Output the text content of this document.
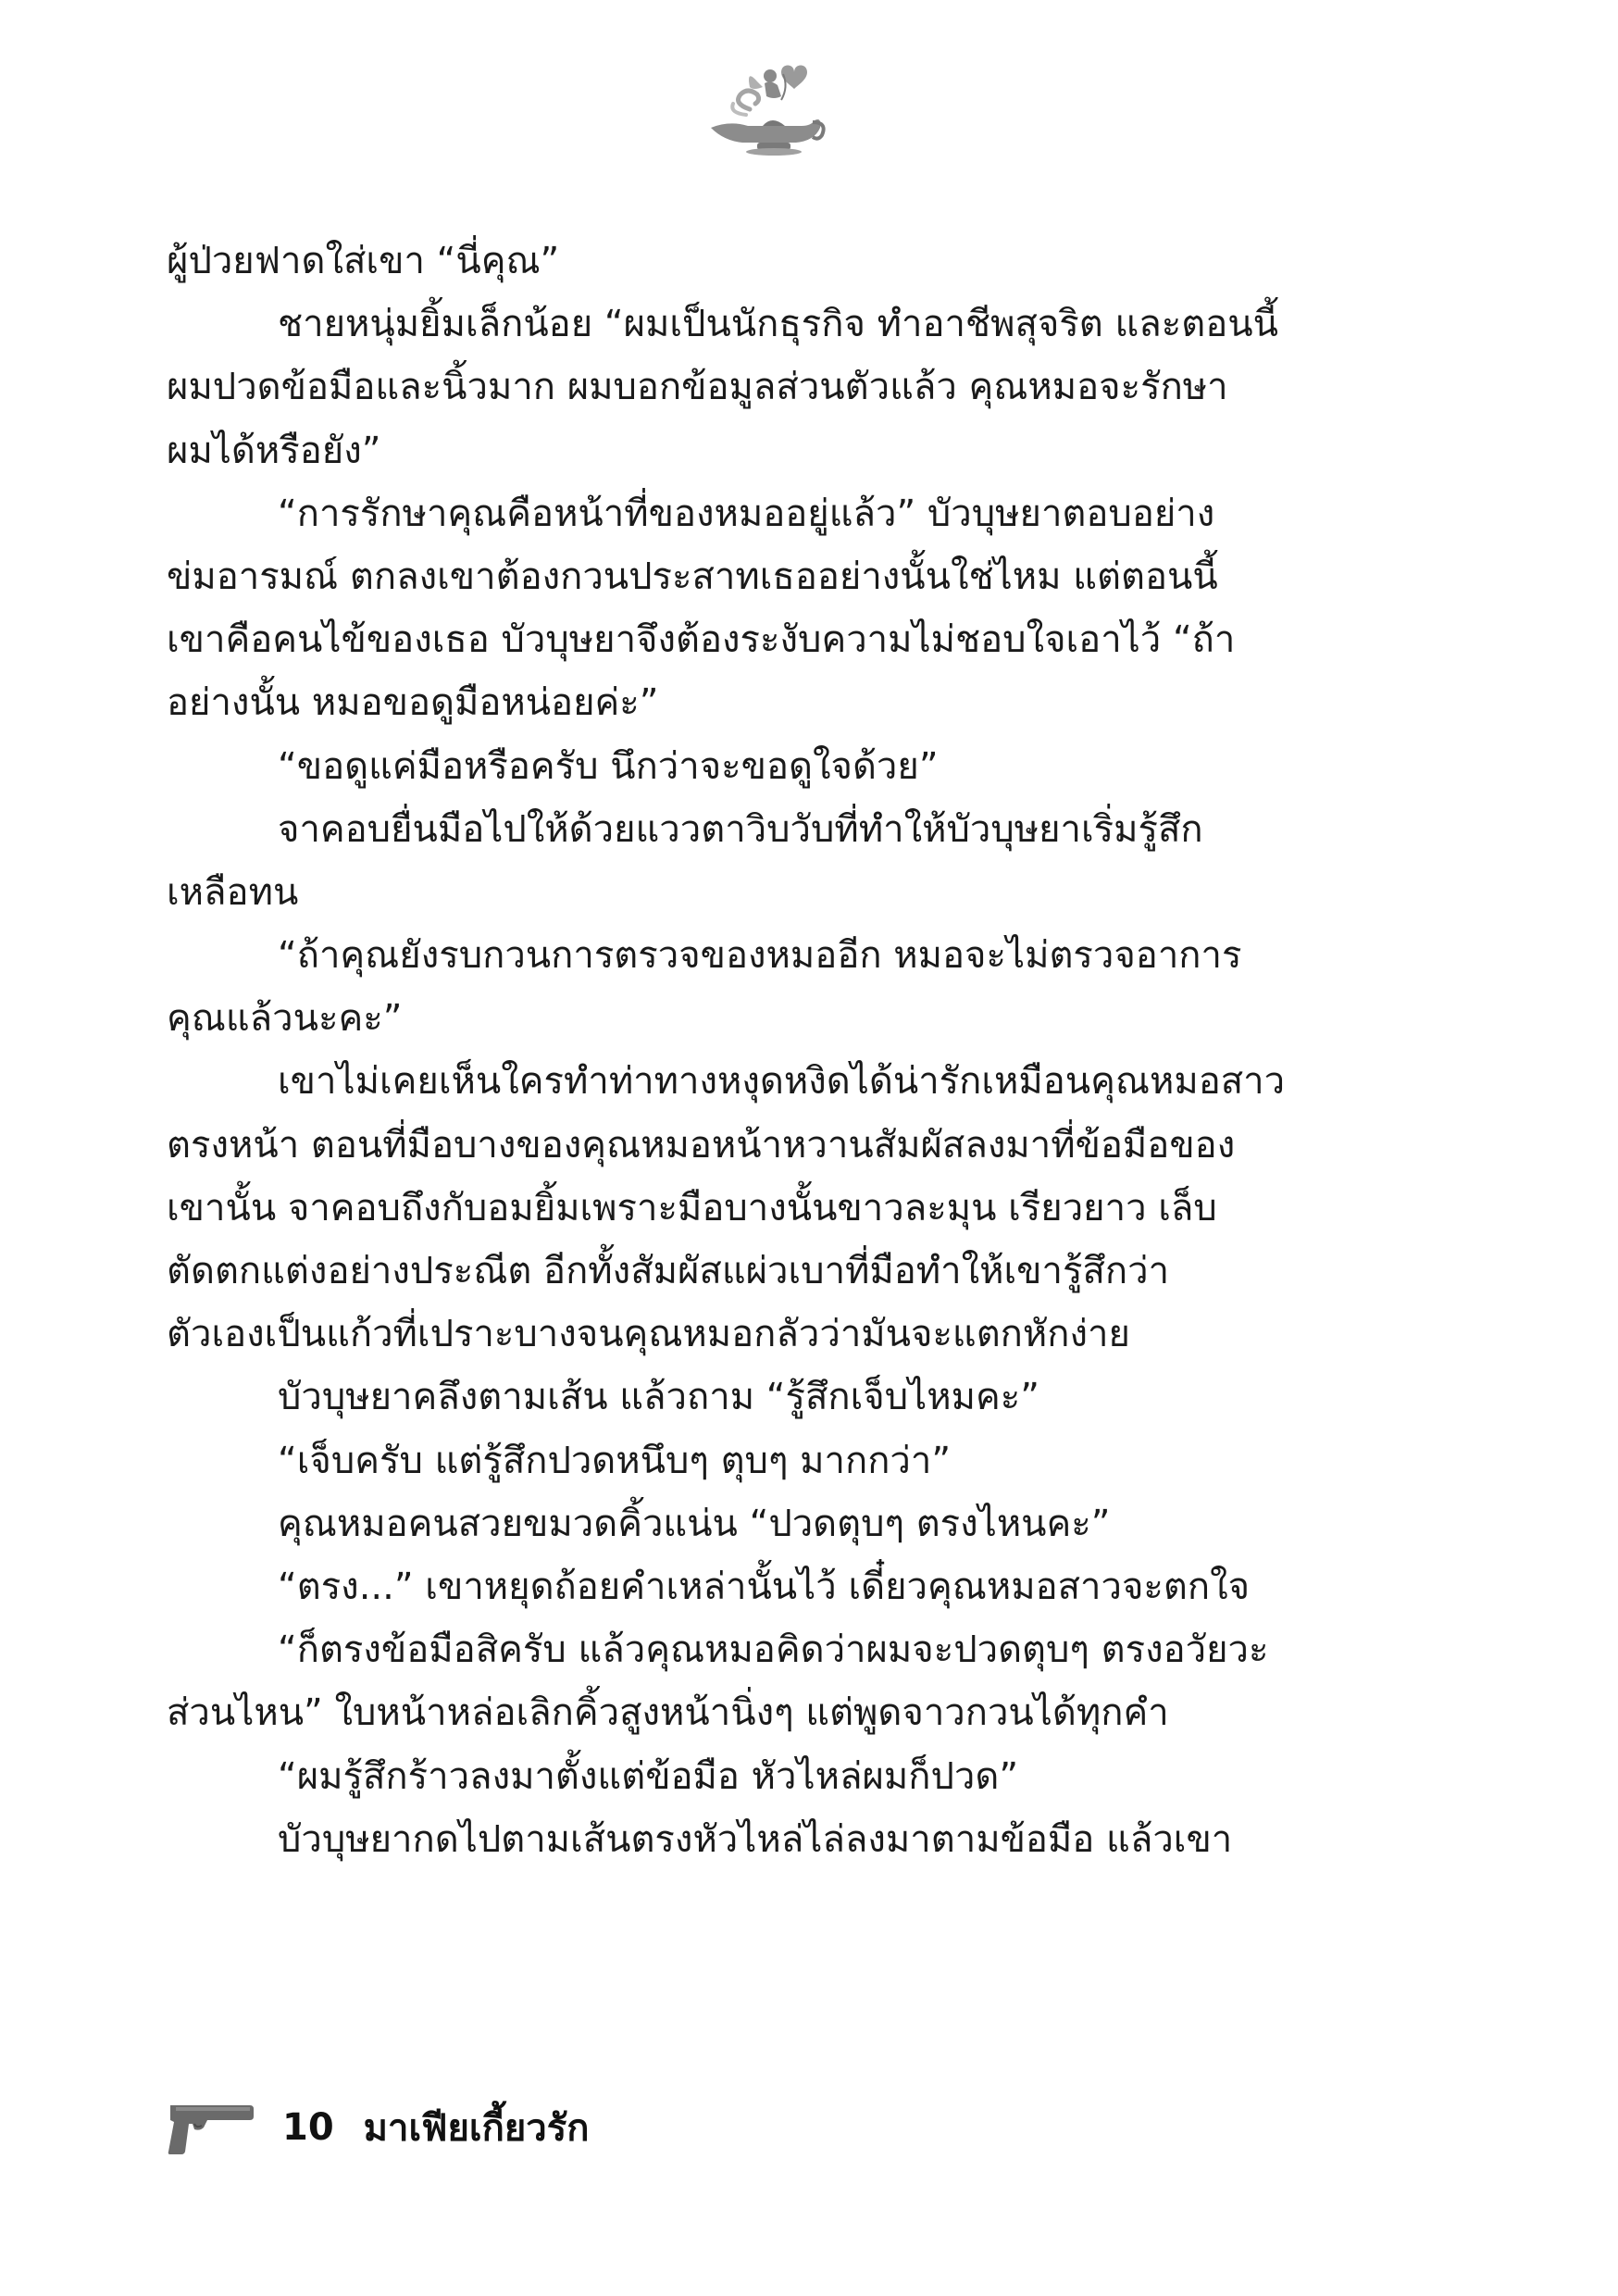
ผู้ป่วยฟาดใส่เขา “นี่คุณ”
ชายหนุ่มยิ้มเล็กน้อย “ผมเป็นนักธุรกิจ ทำอาชีพสุจริต และตอนนี้
ผมปวดข้อมือและนิ้วมาก ผมบอกข้อมูลส่วนตัวแล้ว คุณหมอจะรักษา
ผมได้หรือยัง”
“การรักษาคุณคือหน้าที่ของหมออยู่แล้ว” บัวบุษยาตอบอย่าง
ข่มอารมณ์ ตกลงเขาต้องกวนประสาทเธออย่างนั้นใช่ไหม แต่ตอนนี้
เขาคือคนไข้ของเธอ บัวบุษยาจึงต้องระงับความไม่ชอบใจเอาไว้ “ถ้า
อย่างนั้น หมอขอดูมือหน่อยค่ะ”
“ขอดูแค่มือหรือครับ นึกว่าจะขอดูใจด้วย”
จาคอบยื่นมือไปให้ด้วยแววตาวิบวับที่ทำให้บัวบุษยาเริ่มรู้สึก
เหลือทน
“ถ้าคุณยังรบกวนการตรวจของหมออีก หมอจะไม่ตรวจอาการ
คุณแล้วนะคะ”
เขาไม่เคยเห็นใครทำท่าทางหงุดหงิดได้น่ารักเหมือนคุณหมอสาว
ตรงหน้า ตอนที่มือบางของคุณหมอหน้าหวานสัมผัสลงมาที่ข้อมือของ
เขานั้น จาคอบถึงกับอมยิ้มเพราะมือบางนั้นขาวละมุน เรียวยาว เล็บ
ตัดตกแต่งอย่างประณีต อีกทั้งสัมผัสแผ่วเบาที่มือทำให้เขารู้สึกว่า
ตัวเองเป็นแก้วที่เปราะบางจนคุณหมอกลัวว่ามันจะแตกหักง่าย
บัวบุษยาคลึงตามเส้น แล้วถาม “รู้สึกเจ็บไหมคะ”
“เจ็บครับ แต่รู้สึกปวดหนึบๆ ตุบๆ มากกว่า”
คุณหมอคนสวยขมวดคิ้วแน่น “ปวดตุบๆ ตรงไหนคะ”
“ตรง...” เขาหยุดถ้อยคำเหล่านั้นไว้ เดี๋ยวคุณหมอสาวจะตกใจ
“ก็ตรงข้อมือสิครับ แล้วคุณหมอคิดว่าผมจะปวดตุบๆ ตรงอวัยวะ
ส่วนไหน” ใบหน้าหล่อเลิกคิ้วสูงหน้านิ่งๆ แต่พูดจาวกวนได้ทุกคำ
“ผมรู้สึกร้าวลงมาตั้งแต่ข้อมือ หัวไหล่ผมก็ปวด”
บัวบุษยากดไปตามเส้นตรงหัวไหล่ไล่ลงมาตามข้อมือ แล้วเขา
10 มาเฟียเกี้ยวรัก
